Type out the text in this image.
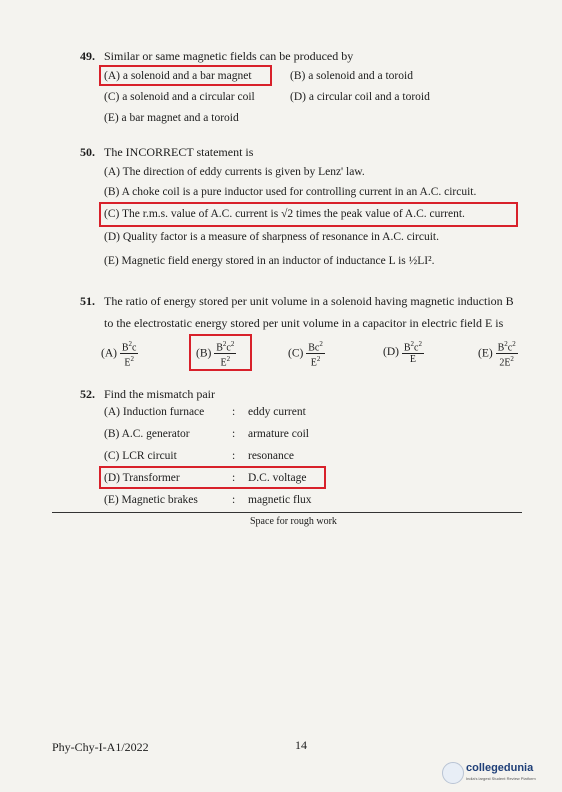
49. Similar or same magnetic fields can be produced by
(A) a solenoid and a bar magnet	(B) a solenoid and a toroid
(C) a solenoid and a circular coil	(D) a circular coil and a toroid
(E) a bar magnet and a toroid
50. The INCORRECT statement is
(A) The direction of eddy currents is given by Lenz' law.
(B) A choke coil is a pure inductor used for controlling current in an A.C. circuit.
(C) The r.m.s. value of A.C. current is √2 times the peak value of A.C. current.
(D) Quality factor is a measure of sharpness of resonance in A.C. circuit.
(E) Magnetic field energy stored in an inductor of inductance L is ½LI².
51. The ratio of energy stored per unit volume in a solenoid having magnetic induction B
to the electrostatic energy stored per unit volume in a capacitor in electric field E is
$(A) \frac{B^2c}{E^2}$	$(B) \frac{B^2c^2}{E^2}$	$(C) \frac{Bc^2}{E^2}$	$(D) \frac{B^2c^2}{E}$	$(E) \frac{B^2c^2}{2E^2}$
52. Find the mismatch pair
(A) Induction furnace : eddy current
(B) A.C. generator	: armature coil
(C) LCR circuit	: resonance
(D) Transformer	: D.C. voltage
(E) Magnetic brakes	: magnetic flux
Space for rough work
Phy-Chy-I-A1/2022	14
collegedunia
India's largest Student Review Platform
